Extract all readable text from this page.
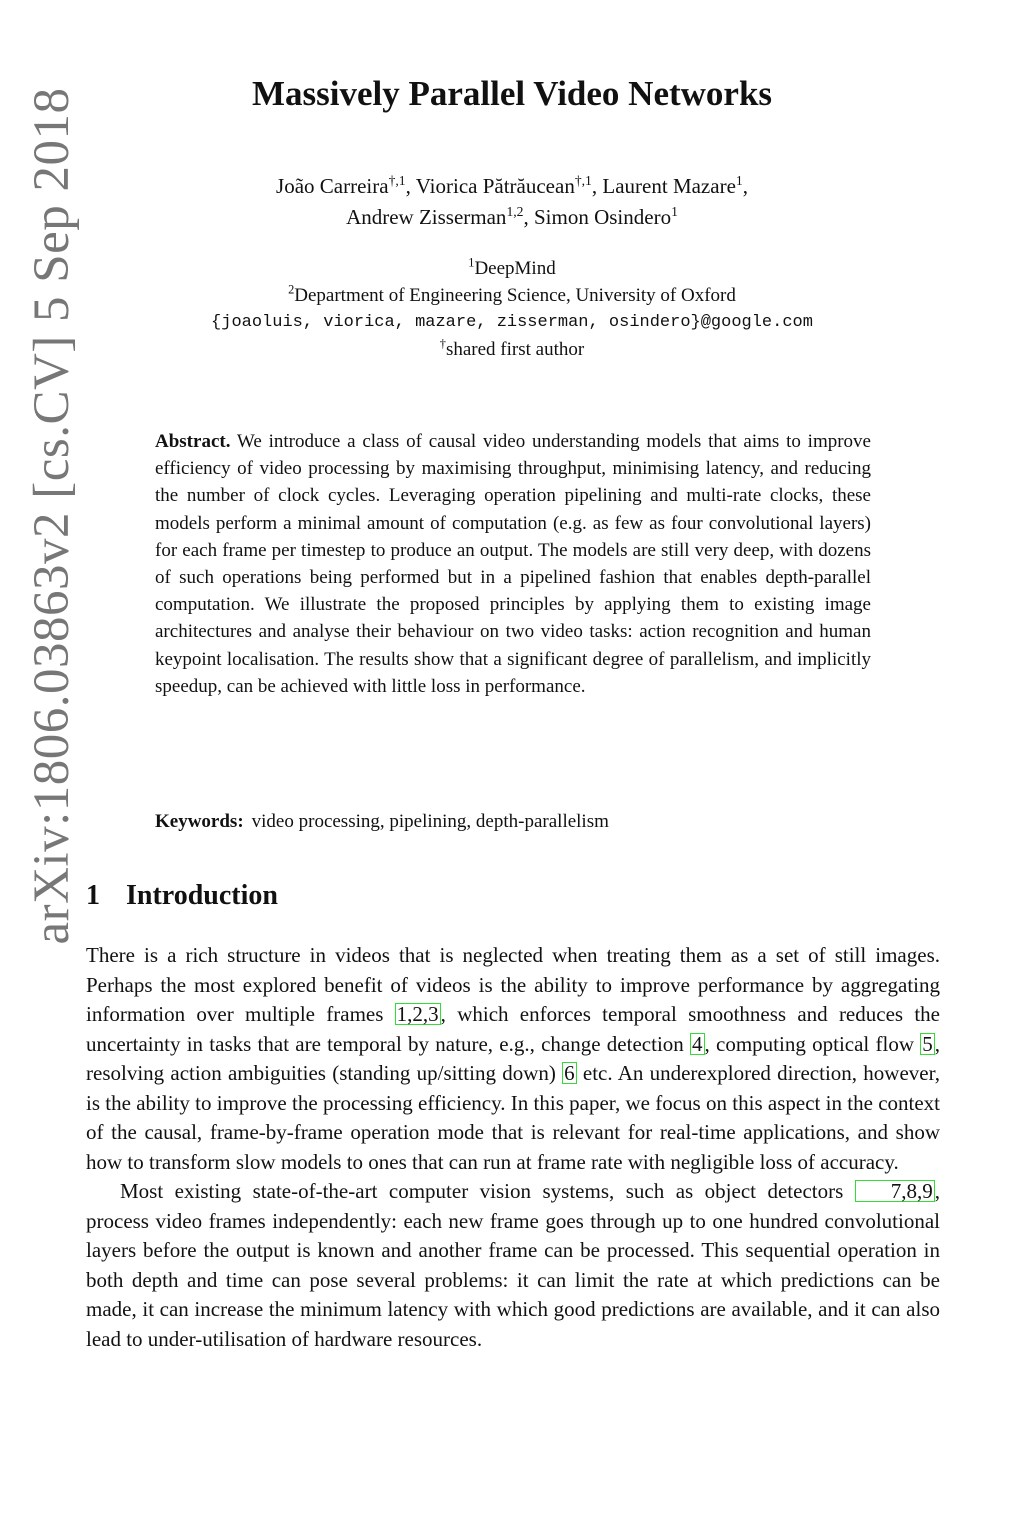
arXiv:1806.03863v2 [cs.CV] 5 Sep 2018	Massively Parallel Video Networks
João Carreira$^{\dagger,1}$, Viorica Pătrăucean$^{\dagger,1}$, Laurent Mazare$^1$,
Andrew Zisserman$^{1,2}$, Simon Osindero$^1$
$^1$DeepMind
$^2$Department of Engineering Science, University of Oxford
{joaoluis, viorica, mazare, zisserman, osindero}@google.com
†shared first author
Abstract. We introduce a class of causal video understanding models that aims to improve efficiency of video processing by maximising throughput, minimising latency, and reducing the number of clock cycles. Leveraging operation pipelining and multi-rate clocks, these models perform a minimal amount of computation (e.g. as few as four convolutional layers) for each frame per timestep to produce an output. The models are still very deep, with dozens of such operations being performed but in a pipelined fashion that enables depth-parallel computation. We illustrate the proposed principles by applying them to existing image architectures and analyse their behaviour on two video tasks: action recognition and human keypoint localisation. The results show that a significant degree of parallelism, and implicitly speedup, can be achieved with little loss in performance.
Keywords: video processing, pipelining, depth-parallelism
1 Introduction

There is a rich structure in videos that is neglected when treating them as a set of still images. Perhaps the most explored benefit of videos is the ability to improve performance by aggregating information over multiple frames 1,2,3, which enforces temporal smoothness and reduces the uncertainty in tasks that are temporal by nature, e.g., change detection 4, computing optical flow 5, resolving action ambiguities (standing up/sitting down) 6 etc. An underexplored direction, however, is the ability to improve the processing efficiency. In this paper, we focus on this aspect in the context of the causal, frame-by-frame operation mode that is relevant for real-time applications, and show how to transform slow models to ones that can run at frame rate with negligible loss of accuracy.

Most existing state-of-the-art computer vision systems, such as object detectors 7,8,9, process video frames independently: each new frame goes through up to one hundred convolutional layers before the output is known and another frame can be processed. This sequential operation in both depth and time can pose several problems: it can limit the rate at which predictions can be made, it can increase the minimum latency with which good predictions are available, and it can also lead to under-utilisation of hardware resources.
